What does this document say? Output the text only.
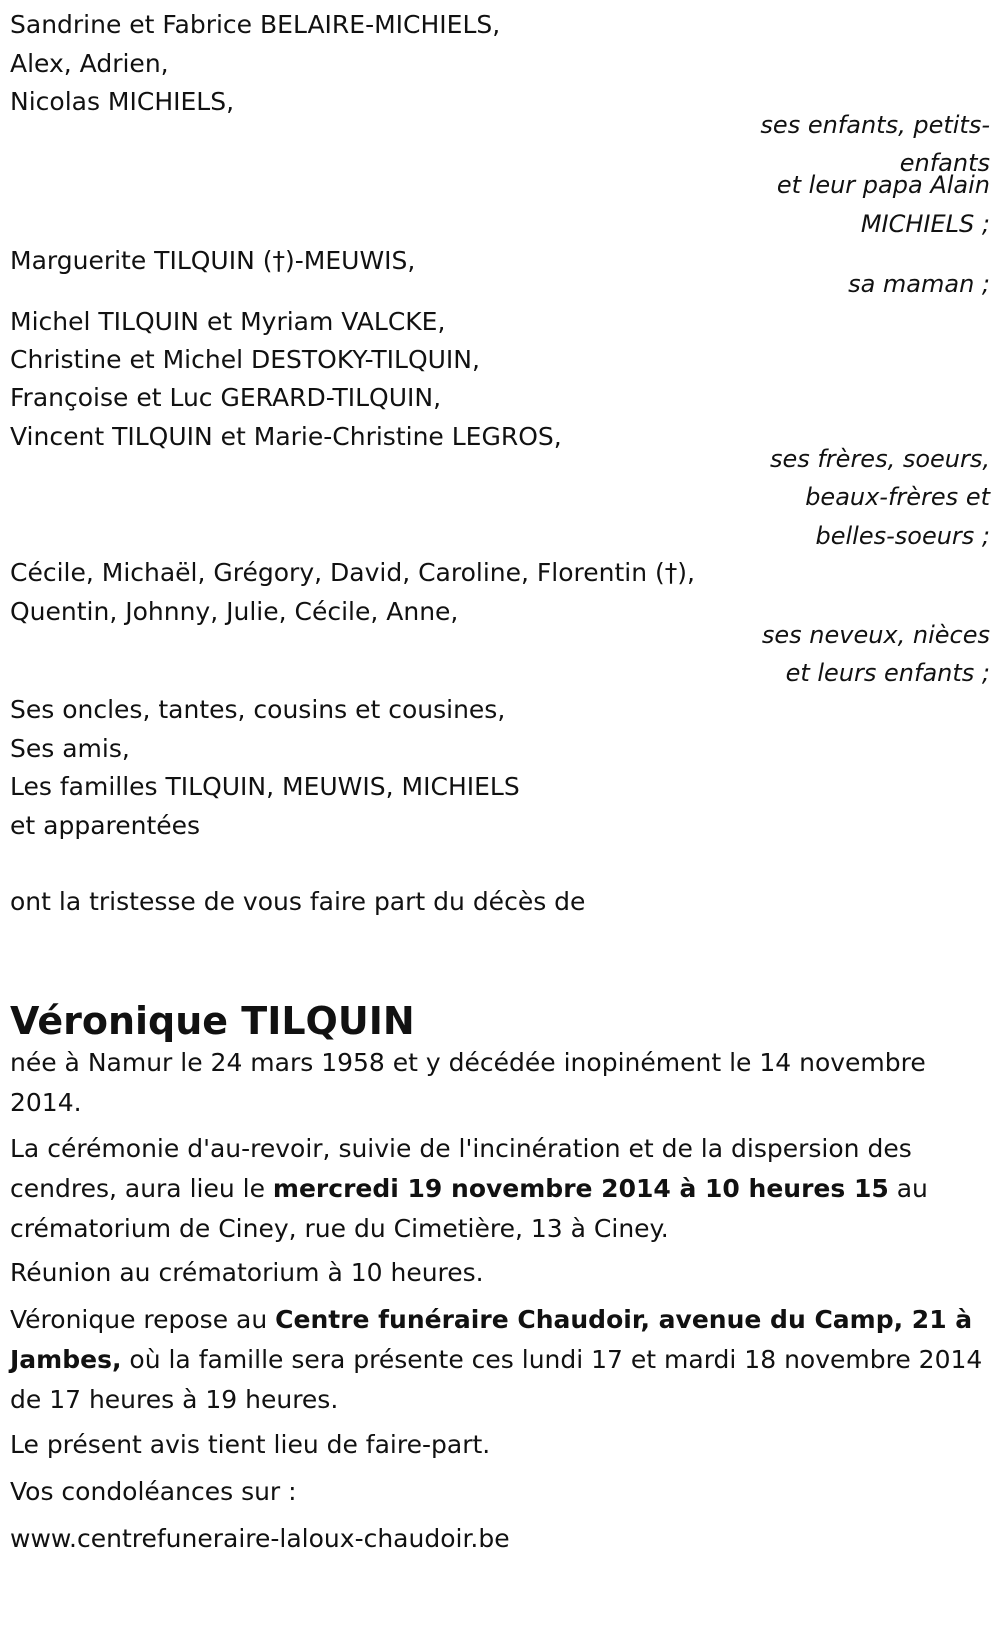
Sandrine et Fabrice BELAIRE-MICHIELS,
Alex, Adrien,
Nicolas MICHIELS,
ses enfants, petits-
enfants
et leur papa Alain
MICHIELS ;
Marguerite TILQUIN (†)-MEUWIS,
sa maman ;
Michel TILQUIN et Myriam VALCKE,
Christine et Michel DESTOKY-TILQUIN,
Françoise et Luc GERARD-TILQUIN,
Vincent TILQUIN et Marie-Christine LEGROS,
ses frères, soeurs,
beaux-frères et
belles-soeurs ;
Cécile, Michaël, Grégory, David, Caroline, Florentin (†),
Quentin, Johnny, Julie, Cécile, Anne,
ses neveux, nièces
et leurs enfants ;
Ses oncles, tantes, cousins et cousines,
Ses amis,
Les familles TILQUIN, MEUWIS, MICHIELS
et apparentées
ont la tristesse de vous faire part du décès de
Véronique TILQUIN
née à Namur le 24 mars 1958 et y décédée inopinément le 14 novembre 2014.
La cérémonie d'au-revoir, suivie de l'incinération et de la dispersion des cendres, aura lieu le mercredi 19 novembre 2014 à 10 heures 15 au crématorium de Ciney, rue du Cimetière, 13 à Ciney.
Réunion au crématorium à 10 heures.
Véronique repose au Centre funéraire Chaudoir, avenue du Camp, 21 à Jambes, où la famille sera présente ces lundi 17 et mardi 18 novembre 2014 de 17 heures à 19 heures.
Le présent avis tient lieu de faire-part.
Vos condoléances sur :
www.centrefuneraire-laloux-chaudoir.be
